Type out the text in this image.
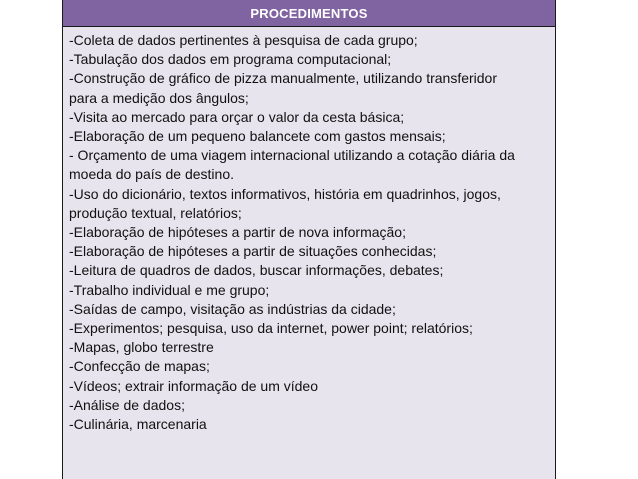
PROCEDIMENTOS
-Coleta de dados pertinentes à pesquisa de cada grupo;
-Tabulação dos dados em programa computacional;
-Construção de gráfico de pizza manualmente, utilizando transferidor
para a medição dos ângulos;
-Visita ao mercado para orçar o valor da cesta básica;
-Elaboração de um pequeno balancete com gastos mensais;
- Orçamento de uma viagem internacional utilizando a cotação diária da
moeda do país de destino.
-Uso do dicionário, textos informativos, história em quadrinhos, jogos,
produção textual, relatórios;
-Elaboração de hipóteses a partir de nova informação;
-Elaboração de hipóteses a partir de situações conhecidas;
-Leitura de quadros de dados, buscar informações, debates;
-Trabalho individual e me grupo;
-Saídas de campo, visitação as indústrias da cidade;
-Experimentos; pesquisa, uso da internet, power point; relatórios;
-Mapas, globo terrestre
-Confecção de mapas;
-Vídeos; extrair informação de um vídeo
-Análise de dados;
-Culinária, marcenaria
